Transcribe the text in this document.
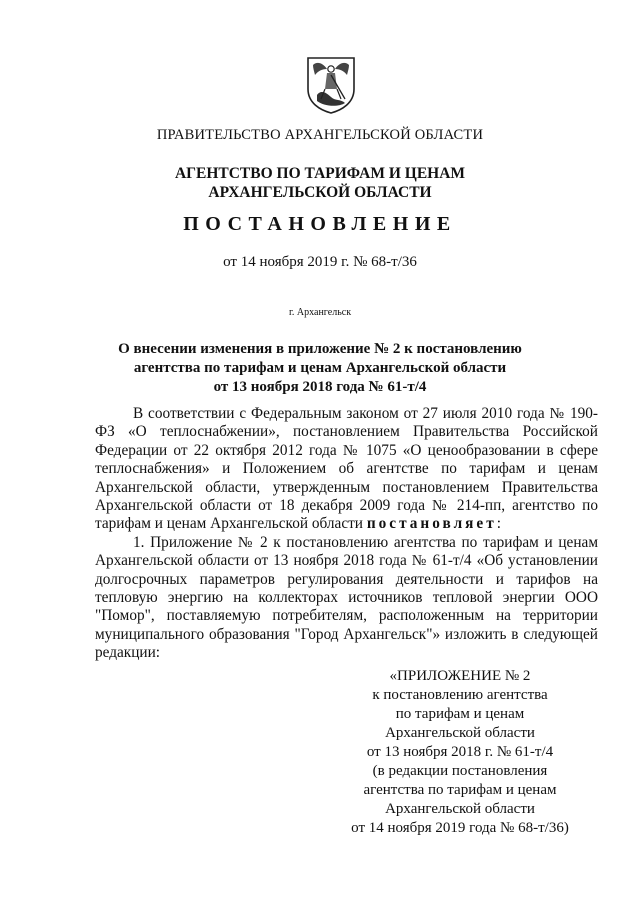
ПРАВИТЕЛЬСТВО АРХАНГЕЛЬСКОЙ ОБЛАСТИ
АГЕНТСТВО ПО ТАРИФАМ И ЦЕНАМ
АРХАНГЕЛЬСКОЙ ОБЛАСТИ
ПОСТАНОВЛЕНИЕ
от 14 ноября 2019 г. № 68-т/36
г. Архангельск
О внесении изменения в приложение № 2 к постановлению
агентства по тарифам и ценам Архангельской области
от 13 ноября 2018 года № 61-т/4

В соответствии с Федеральным законом от 27 июля 2010 года № 190-ФЗ «О теплоснабжении», постановлением Правительства Российской Федерации от 22 октября 2012 года № 1075 «О ценообразовании в сфере теплоснабжения» и Положением об агентстве по тарифам и ценам Архангельской области, утвержденным постановлением Правительства Архангельской области от 18 декабря 2009 года № 214-пп, агентство по тарифам и ценам Архангельской области постановляет:

1. Приложение № 2 к постановлению агентства по тарифам и ценам Архангельской области от 13 ноября 2018 года № 61-т/4 «Об установлении долгосрочных параметров регулирования деятельности и тарифов на тепловую энергию на коллекторах источников тепловой энергии ООО "Помор", поставляемую потребителям, расположенным на территории муниципального образования "Город Архангельск"» изложить в следующей редакции:

«ПРИЛОЖЕНИЕ № 2
к постановлению агентства
по тарифам и ценам
Архангельской области
от 13 ноября 2018 г. № 61-т/4
(в редакции постановления
агентства по тарифам и ценам
Архангельской области
от 14 ноября 2019 года № 68-т/36)
